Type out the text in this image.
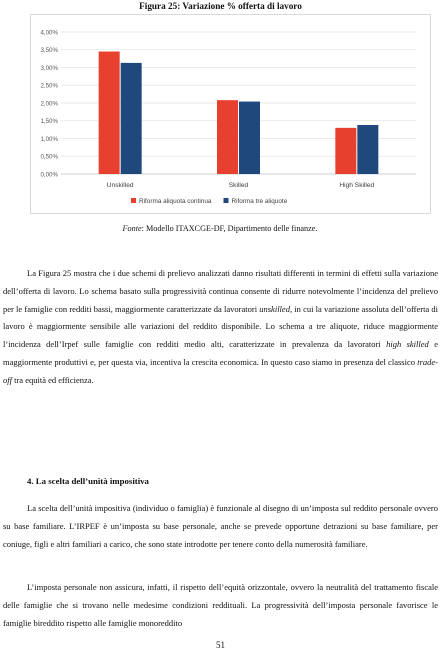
Figura 25: Variazione % offerta di lavoro
0,00%
0,50%
1,00%
1,50%
2,00%
2,50%
3,00%
3,50%
4,00%
Unskilled	Skilled	High Skilled
Riforma aliquota continua	Riforma tre aliquote
Fonte: Modello ITAXCGE-DF, Dipartimento delle finanze.

La Figura 25 mostra che i due schemi di prelievo analizzati danno risultati differenti in termini di effetti sulla variazione dell’offerta di lavoro. Lo schema basato sulla progressività continua consente di ridurre notevolmente l’incidenza del prelievo per le famiglie con redditi bassi, maggiormente caratterizzate da lavoratori unskilled, in cui la variazione assoluta dell’offerta di lavoro è maggiormente sensibile alle variazioni del reddito disponibile. Lo schema a tre aliquote, riduce maggiormente l’incidenza dell’Irpef sulle famiglie con redditi medio alti, caratterizzate in prevalenza da lavoratori high skilled e maggiormente produttivi e, per questa via, incentiva la crescita economica. In questo caso siamo in presenza del classico trade-off tra equità ed efficienza.

4. La scelta dell’unità impositiva

La scelta dell’unità impositiva (individuo o famiglia) è funzionale al disegno di un’imposta sul reddito personale ovvero su base familiare. L’IRPEF è un’imposta su base personale, anche se prevede opportune detrazioni su base familiare, per coniuge, figli e altri familiari a carico, che sono state introdotte per tenere conto della numerosità familiare.

L’imposta personale non assicura, infatti, il rispetto dell’equità orizzontale, ovvero la neutralità del trattamento fiscale delle famiglie che si trovano nelle medesime condizioni reddituali. La progressività dell’imposta personale favorisce le famiglie bireddito rispetto alle famiglie monoreddito

51
